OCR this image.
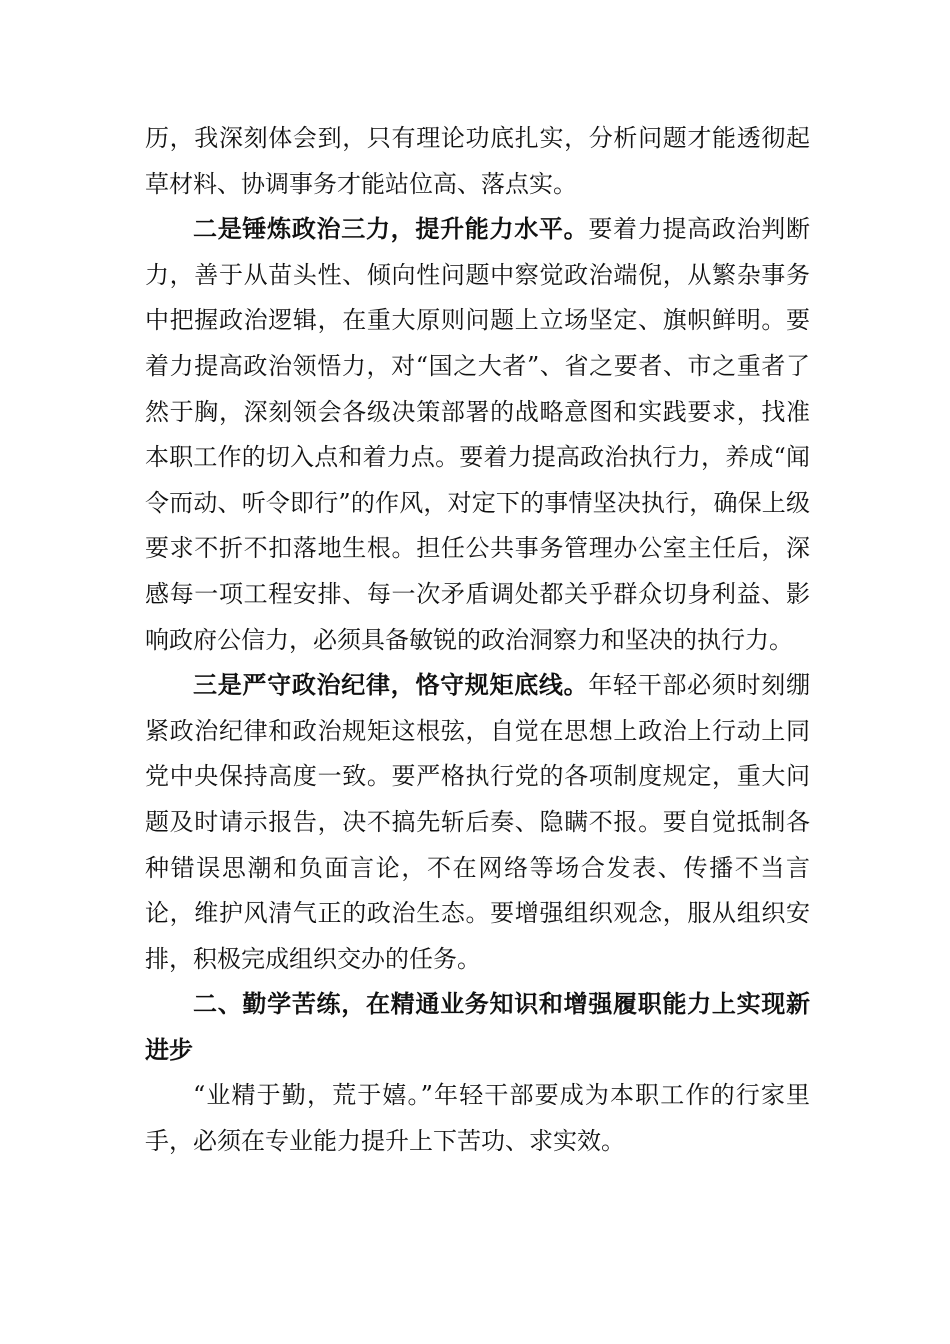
历，我深刻体会到，只有理论功底扎实，分析问题才能透彻起草材料、协调事务才能站位高、落点实。

二是锤炼政治三力，提升能力水平。要着力提高政治判断力，善于从苗头性、倾向性问题中察觉政治端倪，从繁杂事务中把握政治逻辑，在重大原则问题上立场坚定、旗帜鲜明。要着力提高政治领悟力，对“国之大者”、省之要者、市之重者了然于胸，深刻领会各级决策部署的战略意图和实践要求，找准本职工作的切入点和着力点。要着力提高政治执行力，养成“闻令而动、听令即行”的作风，对定下的事情坚决执行，确保上级要求不折不扣落地生根。担任公共事务管理办公室主任后，深感每一项工程安排、每一次矛盾调处都关乎群众切身利益、影响政府公信力，必须具备敏锐的政治洞察力和坚决的执行力。

三是严守政治纪律，恪守规矩底线。年轻干部必须时刻绷紧政治纪律和政治规矩这根弦，自觉在思想上政治上行动上同党中央保持高度一致。要严格执行党的各项制度规定，重大问题及时请示报告，决不搞先斩后奏、隐瞒不报。要自觉抵制各种错误思潮和负面言论，不在网络等场合发表、传播不当言论，维护风清气正的政治生态。要增强组织观念，服从组织安排，积极完成组织交办的任务。

二、勤学苦练，在精通业务知识和增强履职能力上实现新进步

“业精于勤，荒于嬉。”年轻干部要成为本职工作的行家里手，必须在专业能力提升上下苦功、求实效。
